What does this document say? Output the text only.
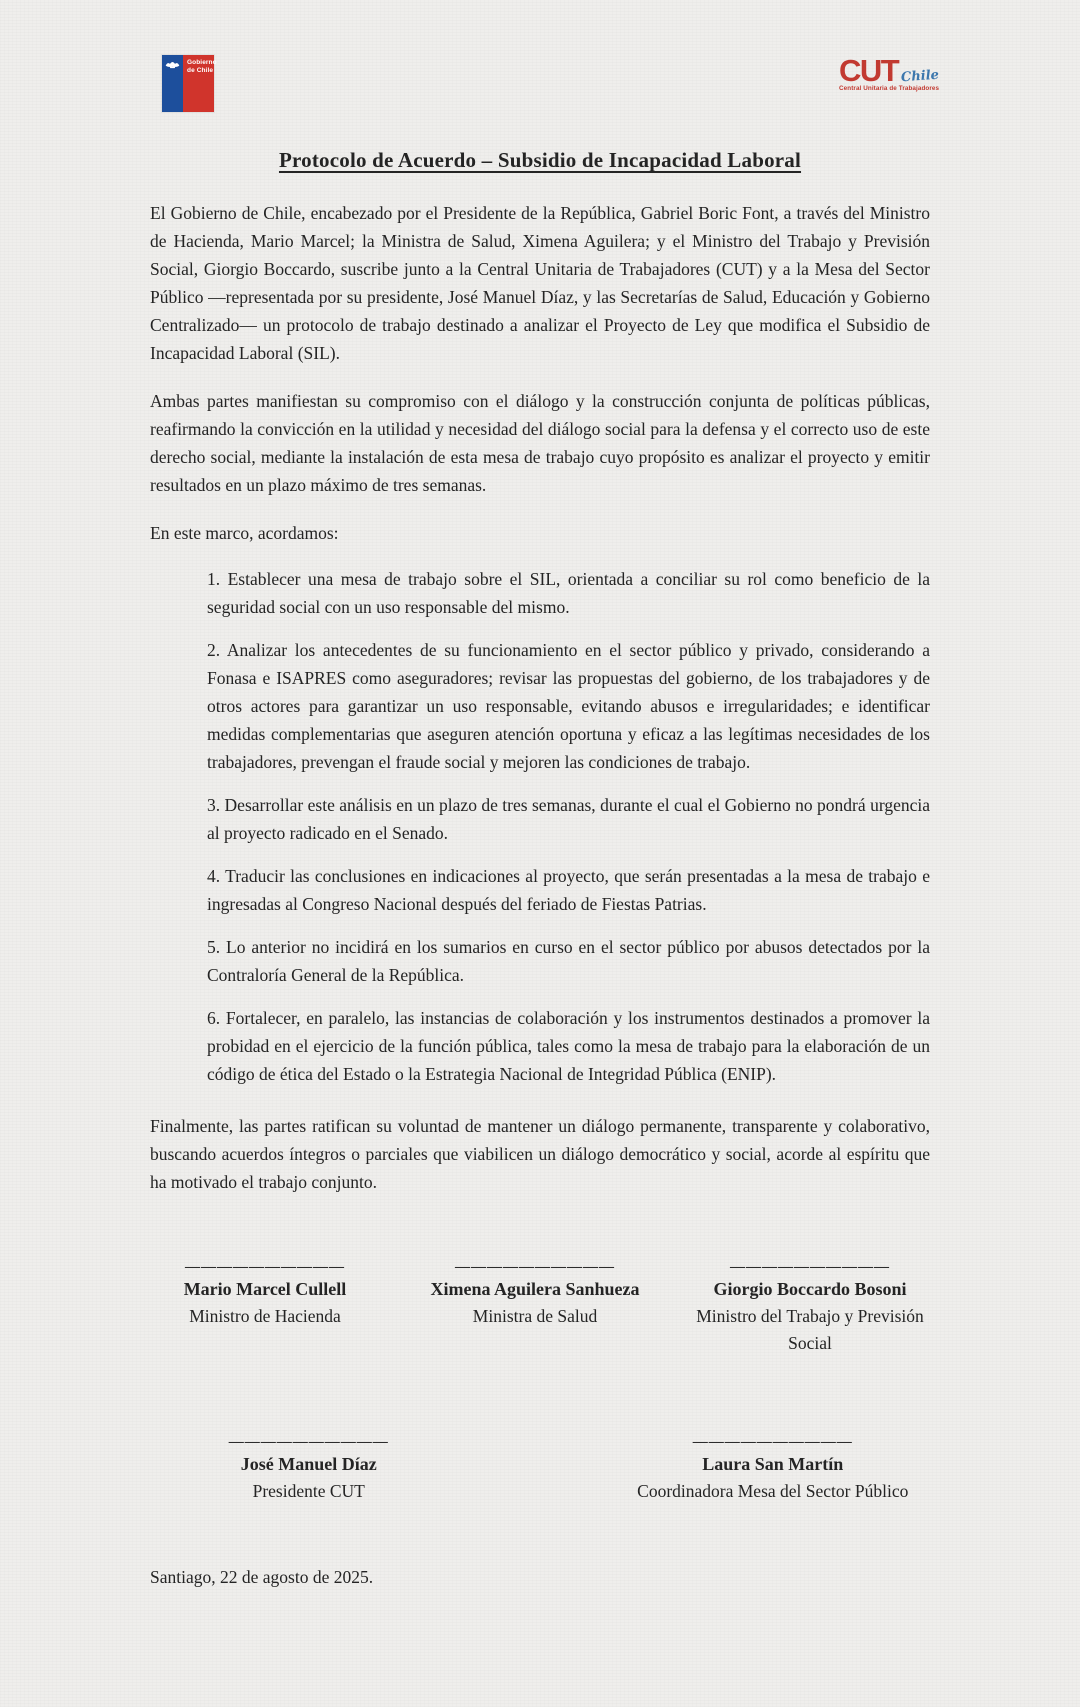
Gobierno
de Chile	CUT Chile
Central Unitaria de Trabajadores
Protocolo de Acuerdo – Subsidio de Incapacidad Laboral

El Gobierno de Chile, encabezado por el Presidente de la República, Gabriel Boric Font, a través del Ministro de Hacienda, Mario Marcel; la Ministra de Salud, Ximena Aguilera; y el Ministro del Trabajo y Previsión Social, Giorgio Boccardo, suscribe junto a la Central Unitaria de Trabajadores (CUT) y a la Mesa del Sector Público —representada por su presidente, José Manuel Díaz, y las Secretarías de Salud, Educación y Gobierno Centralizado— un protocolo de trabajo destinado a analizar el Proyecto de Ley que modifica el Subsidio de Incapacidad Laboral (SIL).

Ambas partes manifiestan su compromiso con el diálogo y la construcción conjunta de políticas públicas, reafirmando la convicción en la utilidad y necesidad del diálogo social para la defensa y el correcto uso de este derecho social, mediante la instalación de esta mesa de trabajo cuyo propósito es analizar el proyecto y emitir resultados en un plazo máximo de tres semanas.

En este marco, acordamos:

1. Establecer una mesa de trabajo sobre el SIL, orientada a conciliar su rol como beneficio de la seguridad social con un uso responsable del mismo.
2. Analizar los antecedentes de su funcionamiento en el sector público y privado, considerando a Fonasa e ISAPRES como aseguradores; revisar las propuestas del gobierno, de los trabajadores y de otros actores para garantizar un uso responsable, evitando abusos e irregularidades; e identificar medidas complementarias que aseguren atención oportuna y eficaz a las legítimas necesidades de los trabajadores, prevengan el fraude social y mejoren las condiciones de trabajo.
3. Desarrollar este análisis en un plazo de tres semanas, durante el cual el Gobierno no pondrá urgencia al proyecto radicado en el Senado.
4. Traducir las conclusiones en indicaciones al proyecto, que serán presentadas a la mesa de trabajo e ingresadas al Congreso Nacional después del feriado de Fiestas Patrias.
5. Lo anterior no incidirá en los sumarios en curso en el sector público por abusos detectados por la Contraloría General de la República.
6. Fortalecer, en paralelo, las instancias de colaboración y los instrumentos destinados a promover la probidad en el ejercicio de la función pública, tales como la mesa de trabajo para la elaboración de un código de ética del Estado o la Estrategia Nacional de Integridad Pública (ENIP).

Finalmente, las partes ratifican su voluntad de mantener un diálogo permanente, transparente y colaborativo, buscando acuerdos íntegros o parciales que viabilicen un diálogo democrático y social, acorde al espíritu que ha motivado el trabajo conjunto.

——————————
Mario Marcel Cullell
Ministro de Hacienda
——————————
Ximena Aguilera Sanhueza
Ministra de Salud
——————————
Giorgio Boccardo Bosoni
Ministro del Trabajo y Previsión Social
——————————
José Manuel Díaz
Presidente CUT
——————————
Laura San Martín
Coordinadora Mesa del Sector Público
Santiago, 22 de agosto de 2025.
